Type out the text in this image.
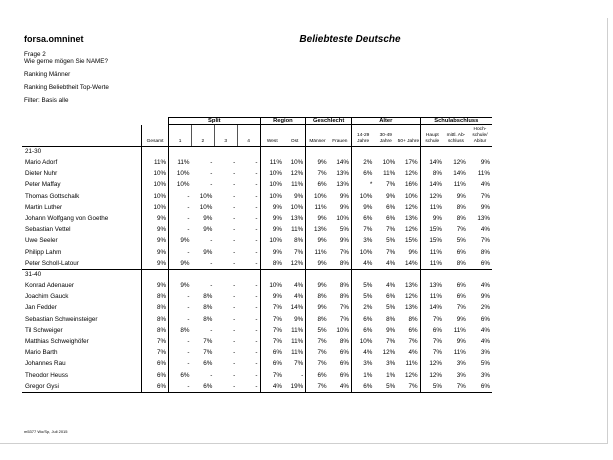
forsa.omninet	Beliebteste Deutsche
Frage 2
Wie gerne mögen Sie NAME?
Ranking Männer
Ranking Beliebtheit Top-Werte
Filter: Basis alle
		Split				Region		Geschlecht		Alter			Schulabschluss		
	Gesamt	1	2	3	4	West	Ost	Männer	Frauen	14-29 Jahre	30-49 Jahre	50+ Jahre	Haupt schule	mittl. Ab- schluss	Hoch- schule/ Abitur
21-30															
Mario Adorf	11%	11%	-	-	-	11%	10%	9%	14%	2%	10%	17%	14%	12%	9%
Dieter Nuhr	10%	10%	-	-	-	10%	12%	7%	13%	6%	11%	12%	8%	14%	11%
Peter Maffay	10%	10%	-	-	-	10%	11%	6%	13%	*	7%	16%	14%	11%	4%
Thomas Gottschalk	10%	-	10%	-	-	10%	9%	10%	9%	10%	9%	10%	12%	9%	7%
Martin Luther	10%	-	10%	-	-	9%	10%	11%	9%	9%	6%	12%	11%	8%	9%
Johann Wolfgang von Goethe	9%	-	9%	-	-	9%	13%	9%	10%	6%	6%	13%	9%	8%	13%
Sebastian Vettel	9%	-	9%	-	-	9%	11%	13%	5%	7%	7%	12%	15%	7%	4%
Uwe Seeler	9%	9%	-	-	-	10%	8%	9%	9%	3%	5%	15%	15%	5%	7%
Philipp Lahm	9%	-	9%	-	-	9%	7%	11%	7%	10%	7%	9%	11%	6%	8%
Peter Scholl-Latour	9%	9%	-	-	-	8%	12%	9%	8%	4%	4%	14%	11%	8%	6%
31-40															
Konrad Adenauer	9%	9%	-	-	-	10%	4%	9%	8%	5%	4%	13%	13%	6%	4%
Joachim Gauck	8%	-	8%	-	-	9%	4%	8%	8%	5%	6%	12%	11%	6%	9%
Jan Fedder	8%	-	8%	-	-	7%	14%	9%	7%	2%	5%	13%	14%	7%	2%
Sebastian Schweinsteiger	8%	-	8%	-	-	7%	9%	8%	7%	6%	8%	8%	7%	9%	6%
Til Schweiger	8%	8%	-	-	-	7%	11%	5%	10%	6%	9%	6%	6%	11%	4%
Matthias Schweighöfer	7%	-	7%	-	-	7%	11%	7%	8%	10%	7%	7%	7%	9%	4%
Mario Barth	7%	-	7%	-	-	6%	11%	7%	6%	4%	12%	4%	7%	11%	3%
Johannes Rau	6%	-	6%	-	-	6%	7%	7%	6%	3%	3%	11%	12%	3%	5%
Theodor Heuss	6%	6%	-	-	-	7%	-	6%	6%	1%	1%	12%	12%	3%	3%
Gregor Gysi	6%	-	6%	-	-	4%	19%	7%	4%	6%	5%	7%	5%	7%	6%
m5377 Wo/Sp, Juli 2015
